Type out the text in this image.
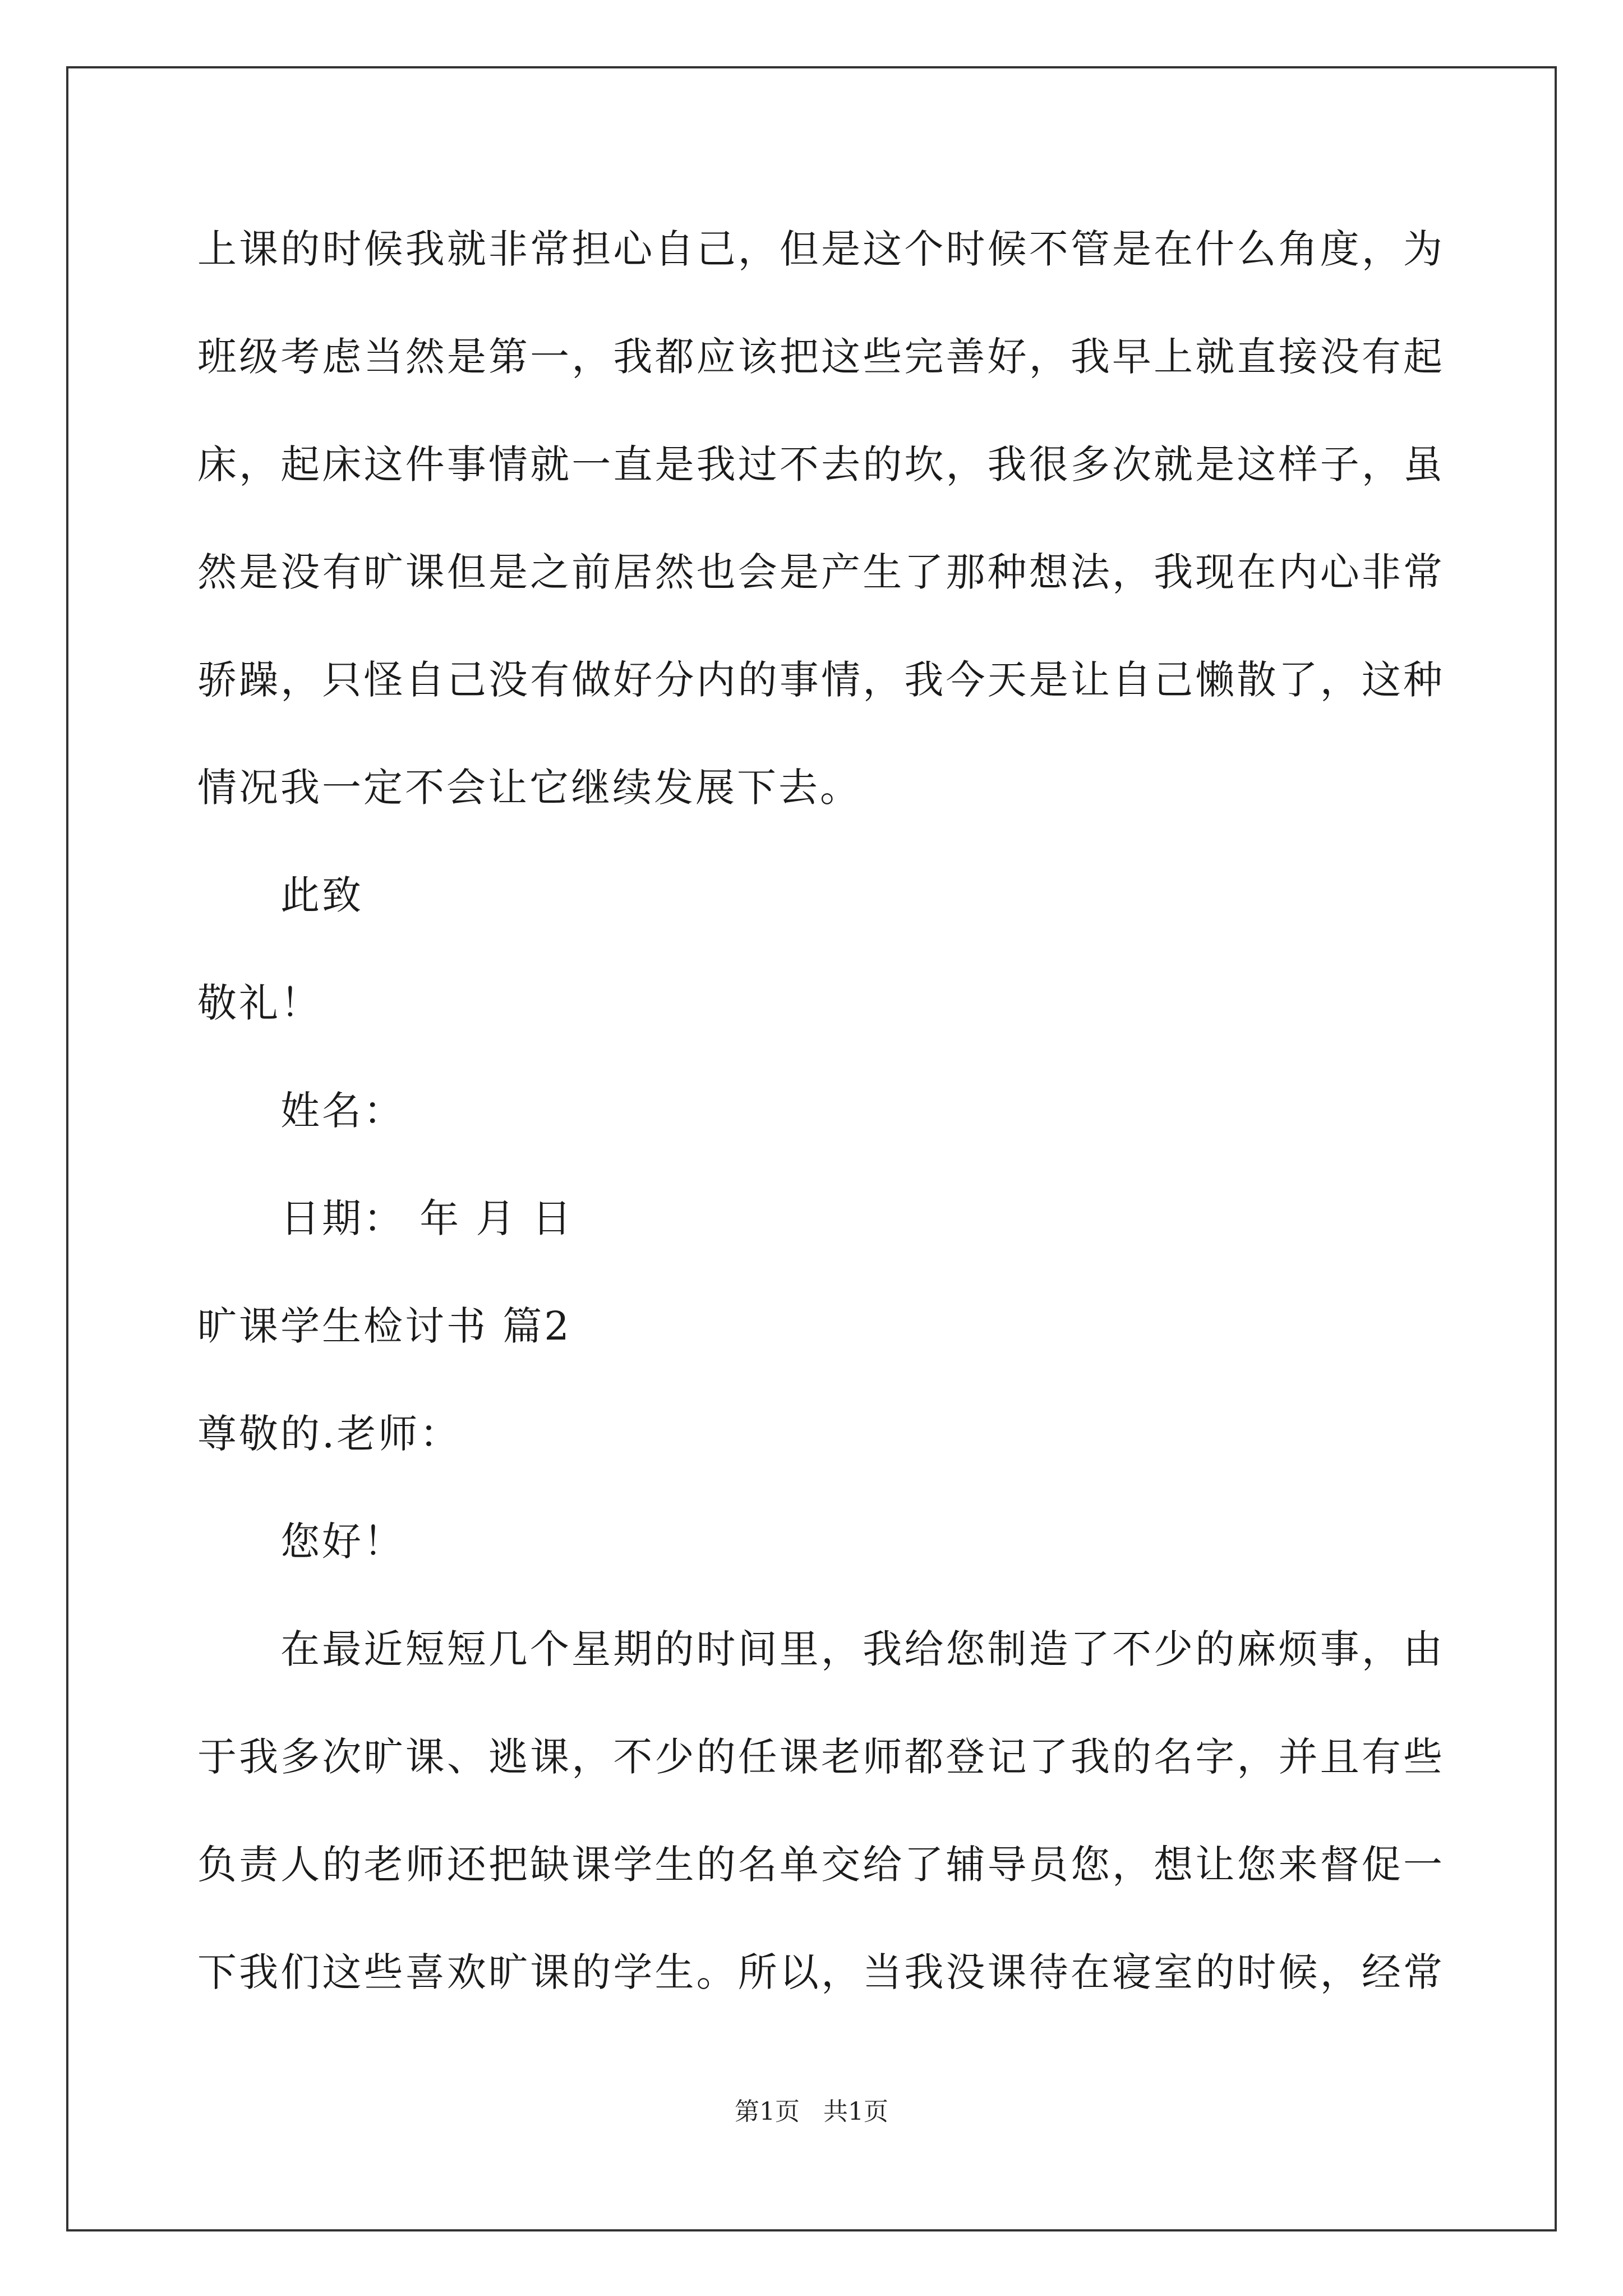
上课的时候我就非常担心自己，但是这个时候不管是在什么角度，为
班级考虑当然是第一，我都应该把这些完善好，我早上就直接没有起
床，起床这件事情就一直是我过不去的坎，我很多次就是这样子，虽
然是没有旷课但是之前居然也会是产生了那种想法，我现在内心非常
骄躁，只怪自己没有做好分内的事情，我今天是让自己懒散了，这种
情况我一定不会让它继续发展下去。
此致
敬礼！
姓名：
日期： 年 月 日
旷课学生检讨书 篇2
尊敬的.老师：
您好！
在最近短短几个星期的时间里，我给您制造了不少的麻烦事，由
于我多次旷课、逃课，不少的任课老师都登记了我的名字，并且有些
负责人的老师还把缺课学生的名单交给了辅导员您，想让您来督促一
下我们这些喜欢旷课的学生。所以，当我没课待在寝室的时候，经常
第1页   共1页
